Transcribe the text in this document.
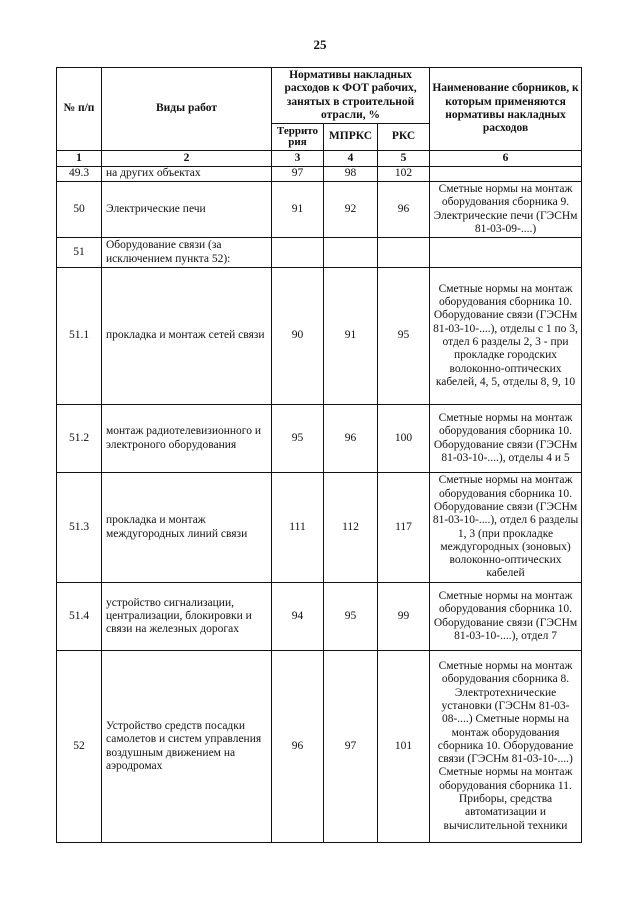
25
№ п/п	Виды работ	Нормативы накладных расходов к ФОТ рабочих, занятых в строительной отрасли, %			Наименование сборников, к которым применяются нормативы накладных расходов
		Террито рия	МПРКС	РКС	
1	2	3	4	5	6
49.3	на других объектах	97	98	102	
50	Электрические печи	91	92	96	Сметные нормы на монтаж оборудования сборника 9. Электрические печи (ГЭСНм 81-03-09-....)
51	Оборудование связи (за исключением пункта 52):				
51.1	прокладка и монтаж сетей связи	90	91	95	Сметные нормы на монтаж оборудования сборника 10. Оборудование связи (ГЭСНм 81-03-10-....), отделы с 1 по 3, отдел 6 разделы 2, 3 - при прокладке городских волоконно-оптических кабелей, 4, 5, отделы 8, 9, 10
51.2	монтаж радиотелевизионного и электроного оборудования	95	96	100	Сметные нормы на монтаж оборудования сборника 10. Оборудование связи (ГЭСНм 81-03-10-....), отделы 4 и 5
51.3	прокладка и монтаж междугородных линий связи	111	112	117	Сметные нормы на монтаж оборудования сборника 10. Оборудование связи (ГЭСНм 81-03-10-....), отдел 6 разделы 1, 3 (при прокладке междугородных (зоновых) волоконно-оптических кабелей
51.4	устройство сигнализации, централизации, блокировки и связи на железных дорогах	94	95	99	Сметные нормы на монтаж оборудования сборника 10. Оборудование связи (ГЭСНм 81-03-10-....), отдел 7
52	Устройство средств посадки самолетов и систем управления воздушным движением на аэродромах	96	97	101	Сметные нормы на монтаж оборудования сборника 8. Электротехнические установки (ГЭСНм 81-03-08-....) Сметные нормы на монтаж оборудования сборника 10. Оборудование связи (ГЭСНм 81-03-10-....) Сметные нормы на монтаж оборудования сборника 11. Приборы, средства автоматизации и вычислительной техники
